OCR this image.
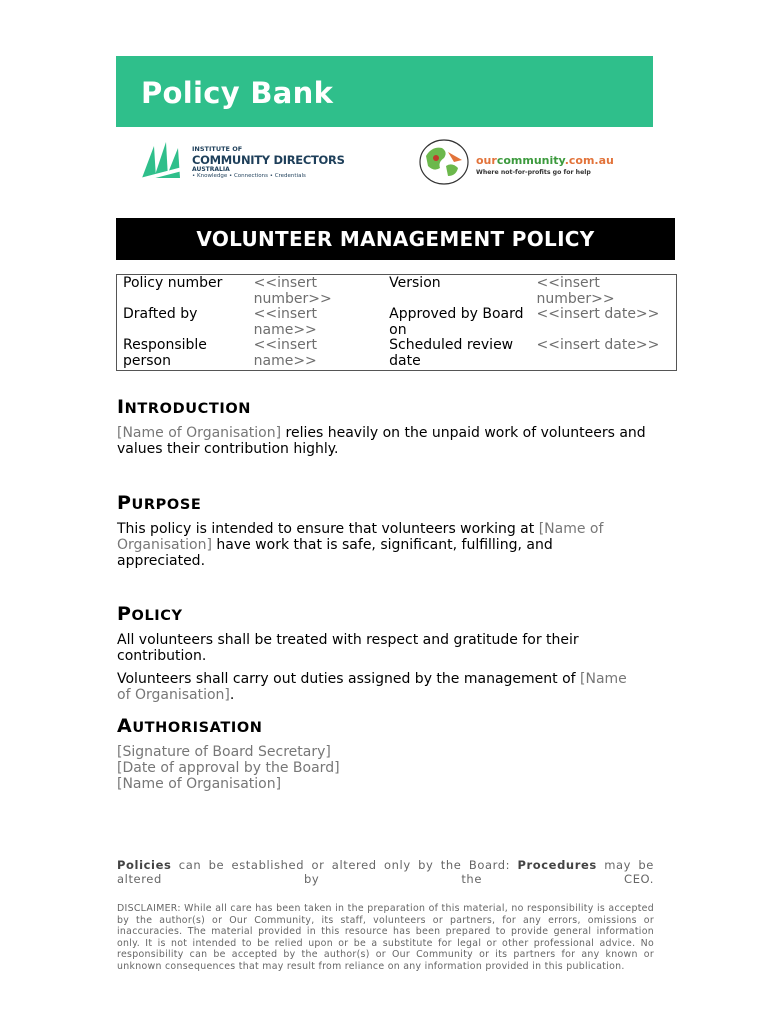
Policy Bank
INSTITUTE OF
COMMUNITY DIRECTORS
AUSTRALIA
• Knowledge • Connections • Credentials
ourcommunity.com.au
Where not-for-profits go for help
VOLUNTEER MANAGEMENT POLICY
Policy number	<<insert number>>	Version	<<insert number>>
Drafted by	<<insert name>>	Approved by Board on	<<insert date>>
Responsible person	<<insert name>>	Scheduled review date	<<insert date>>
INTRODUCTION
[Name of Organisation] relies heavily on the unpaid work of volunteers and values their contribution highly.
PURPOSE
This policy is intended to ensure that volunteers working at [Name of Organisation] have work that is safe, significant, fulfilling, and appreciated.
POLICY
All volunteers shall be treated with respect and gratitude for their contribution.
Volunteers shall carry out duties assigned by the management of [Name of Organisation].
AUTHORISATION
[Signature of Board Secretary]
[Date of approval by the Board]
[Name of Organisation]
Policies can be established or altered only by the Board: Procedures may be altered by the CEO.
DISCLAIMER: While all care has been taken in the preparation of this material, no responsibility is accepted by the author(s) or Our Community, its staff, volunteers or partners, for any errors, omissions or inaccuracies. The material provided in this resource has been prepared to provide general information only. It is not intended to be relied upon or be a substitute for legal or other professional advice. No responsibility can be accepted by the author(s) or Our Community or its partners for any known or unknown consequences that may result from reliance on any information provided in this publication.
